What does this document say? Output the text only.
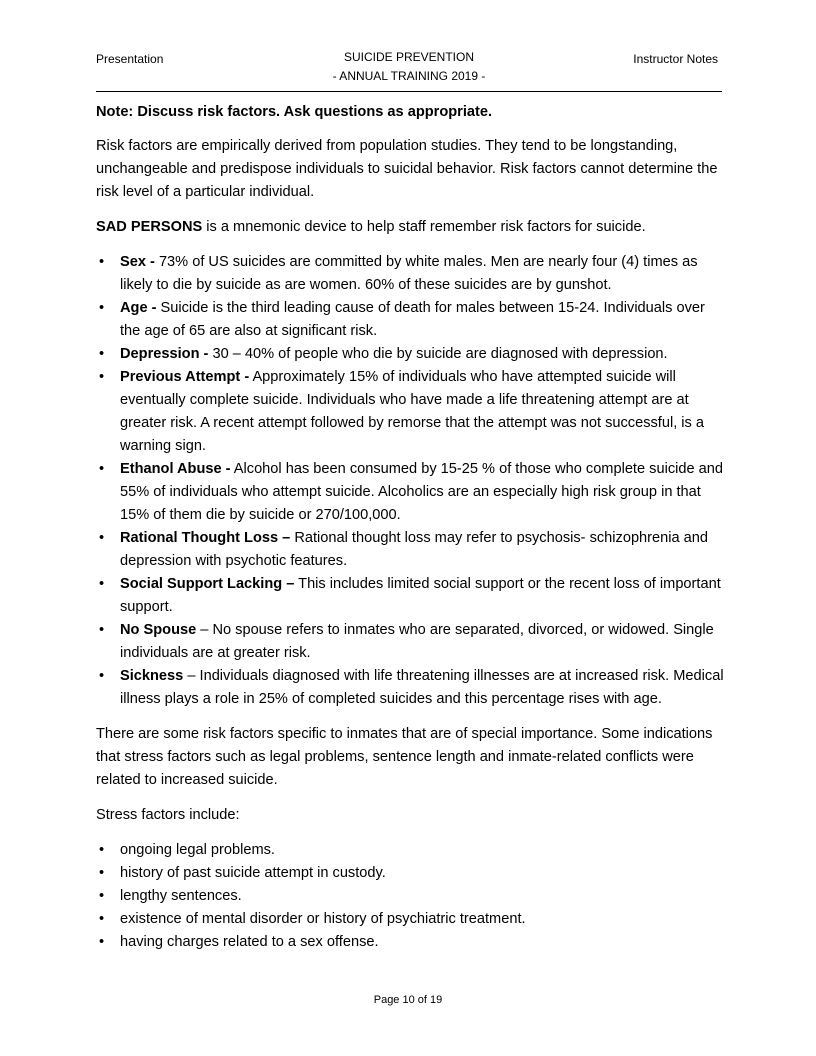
Presentation	SUICIDE PREVENTION
- ANNUAL TRAINING 2019 -
Instructor Notes

Note: Discuss risk factors. Ask questions as appropriate.

Risk factors are empirically derived from population studies. They tend to be longstanding, unchangeable and predispose individuals to suicidal behavior. Risk factors cannot determine the risk level of a particular individual.

SAD PERSONS is a mnemonic device to help staff remember risk factors for suicide.

• Sex - 73% of US suicides are committed by white males. Men are nearly four (4) times as likely to die by suicide as are women. 60% of these suicides are by gunshot.
• Age - Suicide is the third leading cause of death for males between 15-24. Individuals over the age of 65 are also at significant risk.
• Depression - 30 – 40% of people who die by suicide are diagnosed with depression.
• Previous Attempt - Approximately 15% of individuals who have attempted suicide will eventually complete suicide. Individuals who have made a life threatening attempt are at greater risk. A recent attempt followed by remorse that the attempt was not successful, is a warning sign.
• Ethanol Abuse - Alcohol has been consumed by 15-25 % of those who complete suicide and 55% of individuals who attempt suicide. Alcoholics are an especially high risk group in that 15% of them die by suicide or 270/100,000.
• Rational Thought Loss – Rational thought loss may refer to psychosis- schizophrenia and depression with psychotic features.
• Social Support Lacking – This includes limited social support or the recent loss of important support.
• No Spouse – No spouse refers to inmates who are separated, divorced, or widowed. Single individuals are at greater risk.
• Sickness – Individuals diagnosed with life threatening illnesses are at increased risk. Medical illness plays a role in 25% of completed suicides and this percentage rises with age.

There are some risk factors specific to inmates that are of special importance. Some indications that stress factors such as legal problems, sentence length and inmate-related conflicts were related to increased suicide.

Stress factors include:

• ongoing legal problems.
• history of past suicide attempt in custody.
• lengthy sentences.
• existence of mental disorder or history of psychiatric treatment.
• having charges related to a sex offense.
Page 10 of 19
